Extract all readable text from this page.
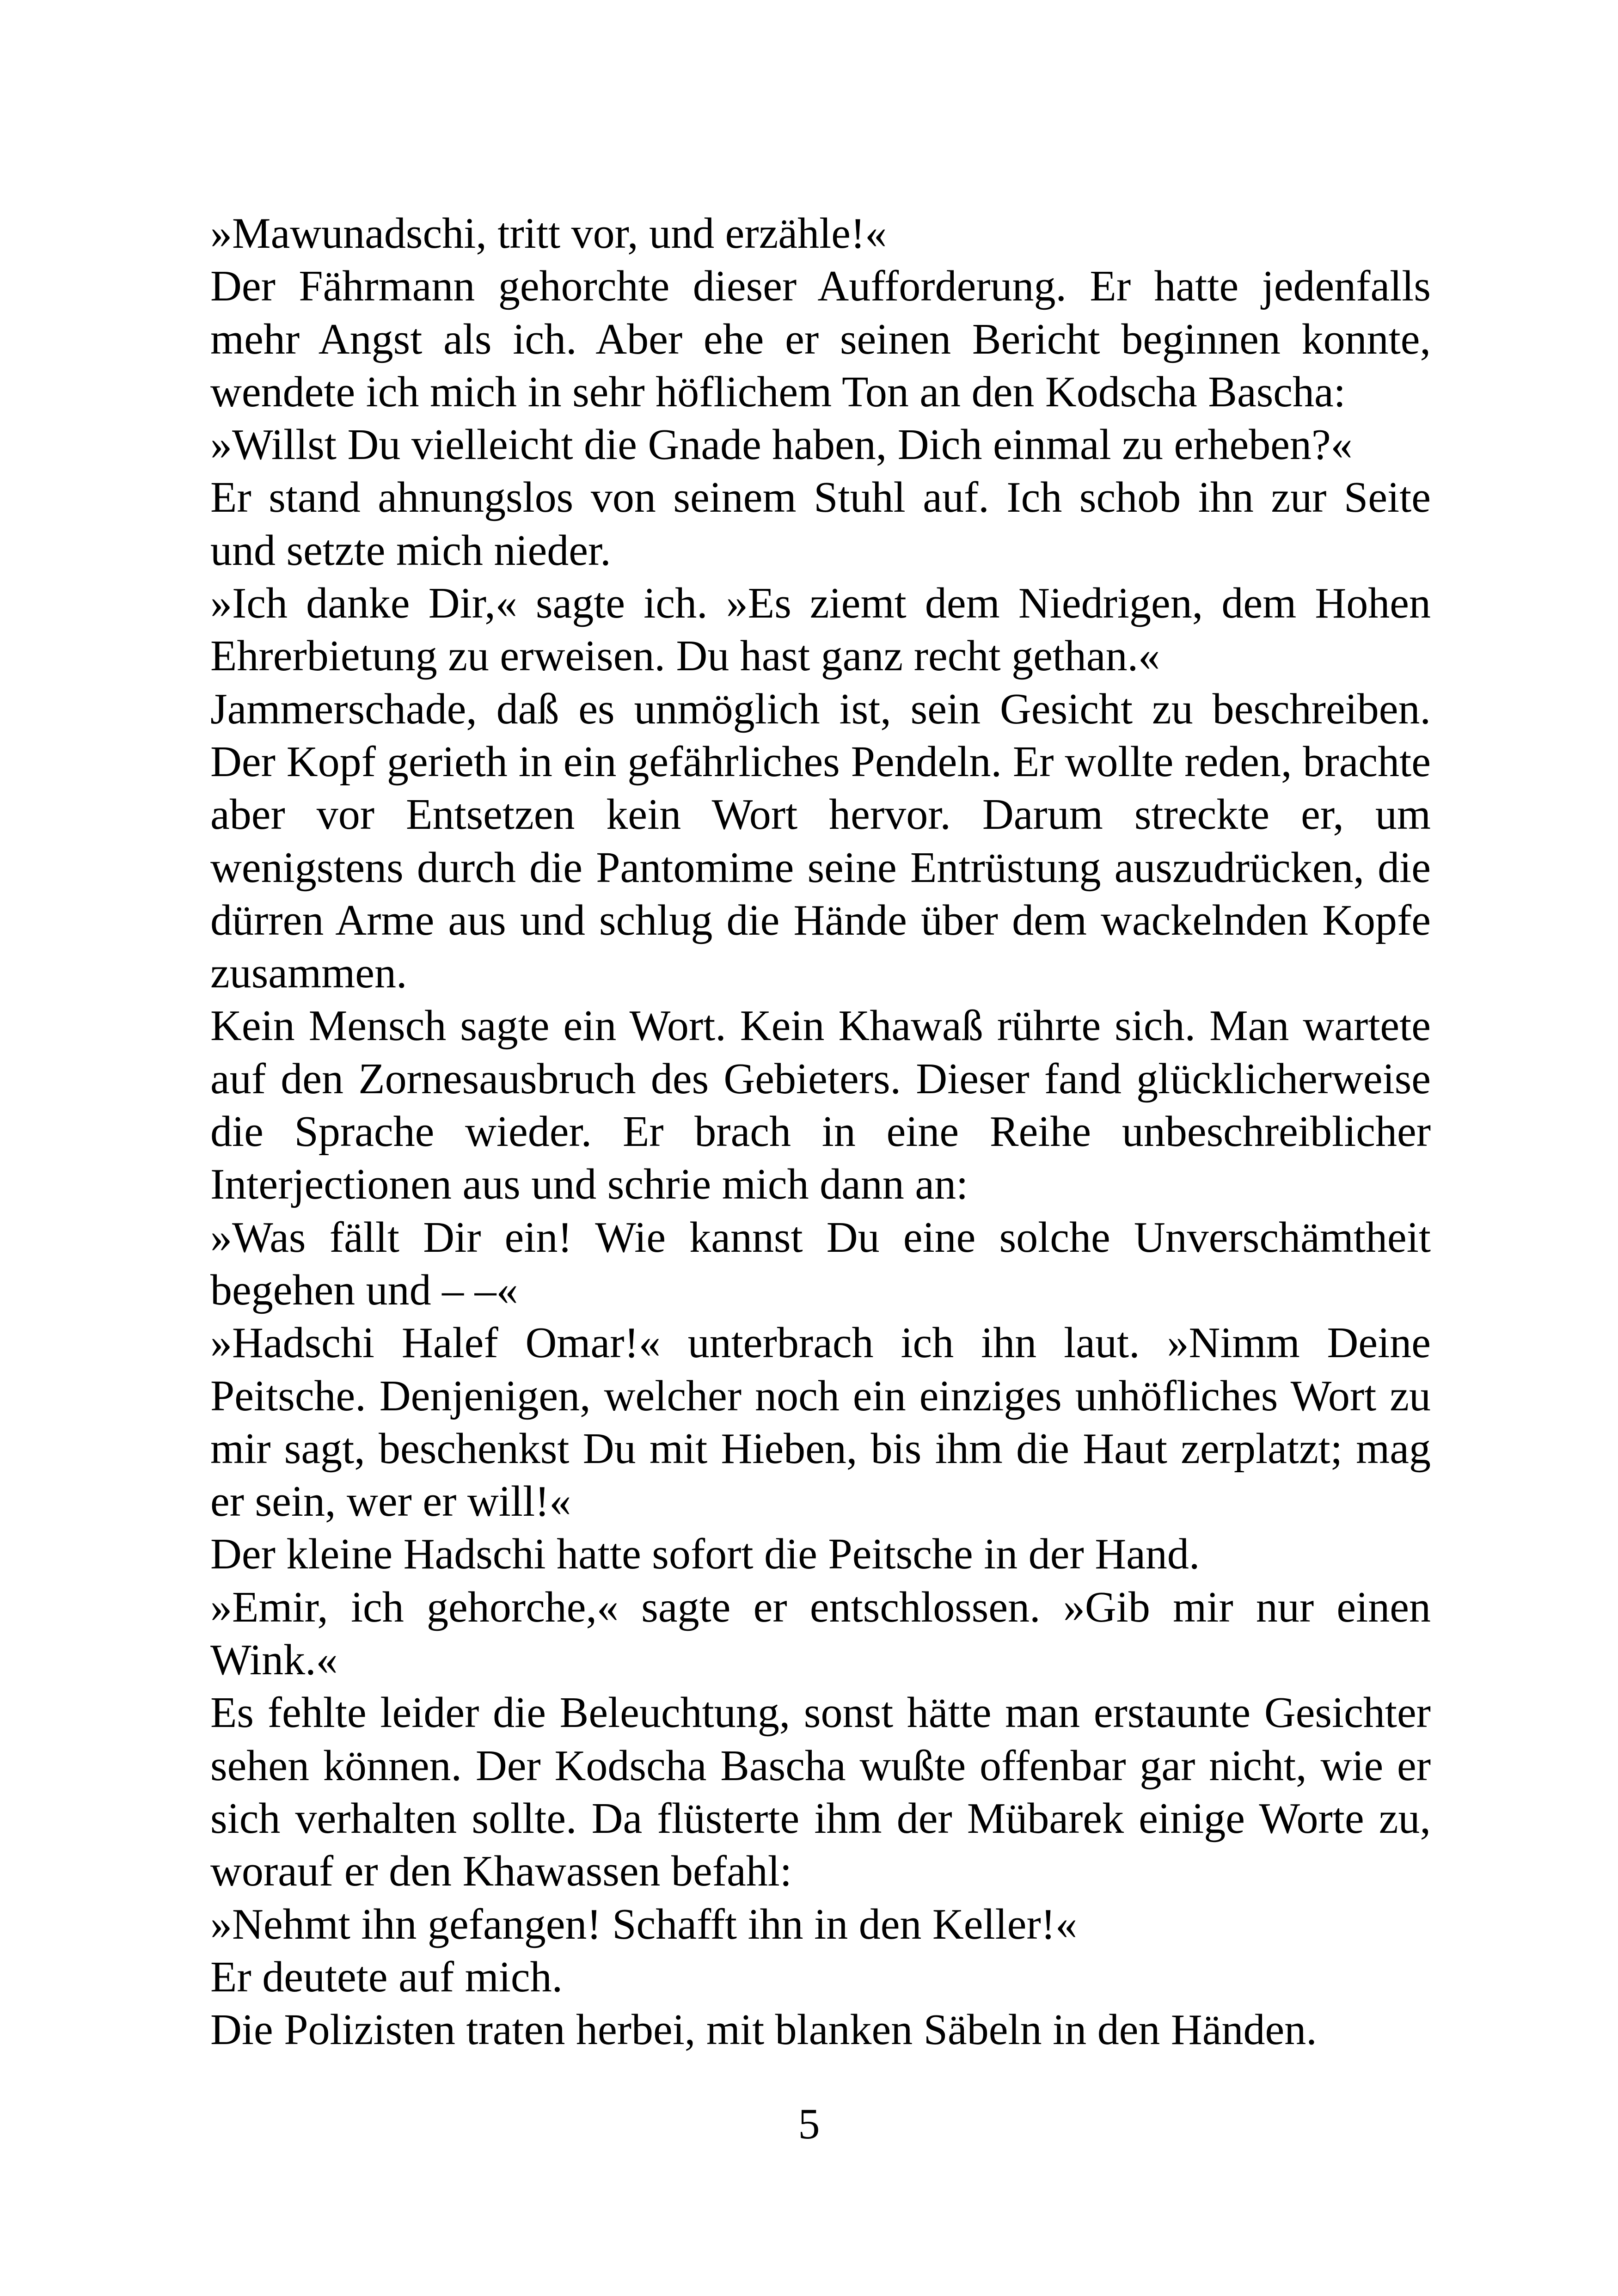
»Mawunadschi, tritt vor, und erzähle!«

Der Fährmann gehorchte dieser Aufforderung. Er hatte jedenfalls mehr Angst als ich. Aber ehe er seinen Bericht beginnen konnte, wendete ich mich in sehr höflichem Ton an den Kodscha Bascha:

»Willst Du vielleicht die Gnade haben, Dich einmal zu erheben?«

Er stand ahnungslos von seinem Stuhl auf. Ich schob ihn zur Seite und setzte mich nieder.

»Ich danke Dir,« sagte ich. »Es ziemt dem Niedrigen, dem Hohen Ehrerbietung zu erweisen. Du hast ganz recht gethan.«

Jammerschade, daß es unmöglich ist, sein Gesicht zu beschreiben. Der Kopf gerieth in ein gefährliches Pendeln. Er wollte reden, brachte aber vor Entsetzen kein Wort hervor. Darum streckte er, um wenigstens durch die Pantomime seine Entrüstung auszudrücken, die dürren Arme aus und schlug die Hände über dem wackelnden Kopfe zusammen.

Kein Mensch sagte ein Wort. Kein Khawaß rührte sich. Man wartete auf den Zornesausbruch des Gebieters. Dieser fand glücklicherweise die Sprache wieder. Er brach in eine Reihe unbeschreiblicher Interjectionen aus und schrie mich dann an:

»Was fällt Dir ein! Wie kannst Du eine solche Unverschämtheit begehen und – –«

»Hadschi Halef Omar!« unterbrach ich ihn laut. »Nimm Deine Peitsche. Denjenigen, welcher noch ein einziges unhöfliches Wort zu mir sagt, beschenkst Du mit Hieben, bis ihm die Haut zerplatzt; mag er sein, wer er will!«

Der kleine Hadschi hatte sofort die Peitsche in der Hand.

»Emir, ich gehorche,« sagte er entschlossen. »Gib mir nur einen Wink.«

Es fehlte leider die Beleuchtung, sonst hätte man erstaunte Gesichter sehen können. Der Kodscha Bascha wußte offenbar gar nicht, wie er sich verhalten sollte. Da flüsterte ihm der Mübarek einige Worte zu, worauf er den Khawassen befahl:

»Nehmt ihn gefangen! Schafft ihn in den Keller!«

Er deutete auf mich.

Die Polizisten traten herbei, mit blanken Säbeln in den Händen.

5
